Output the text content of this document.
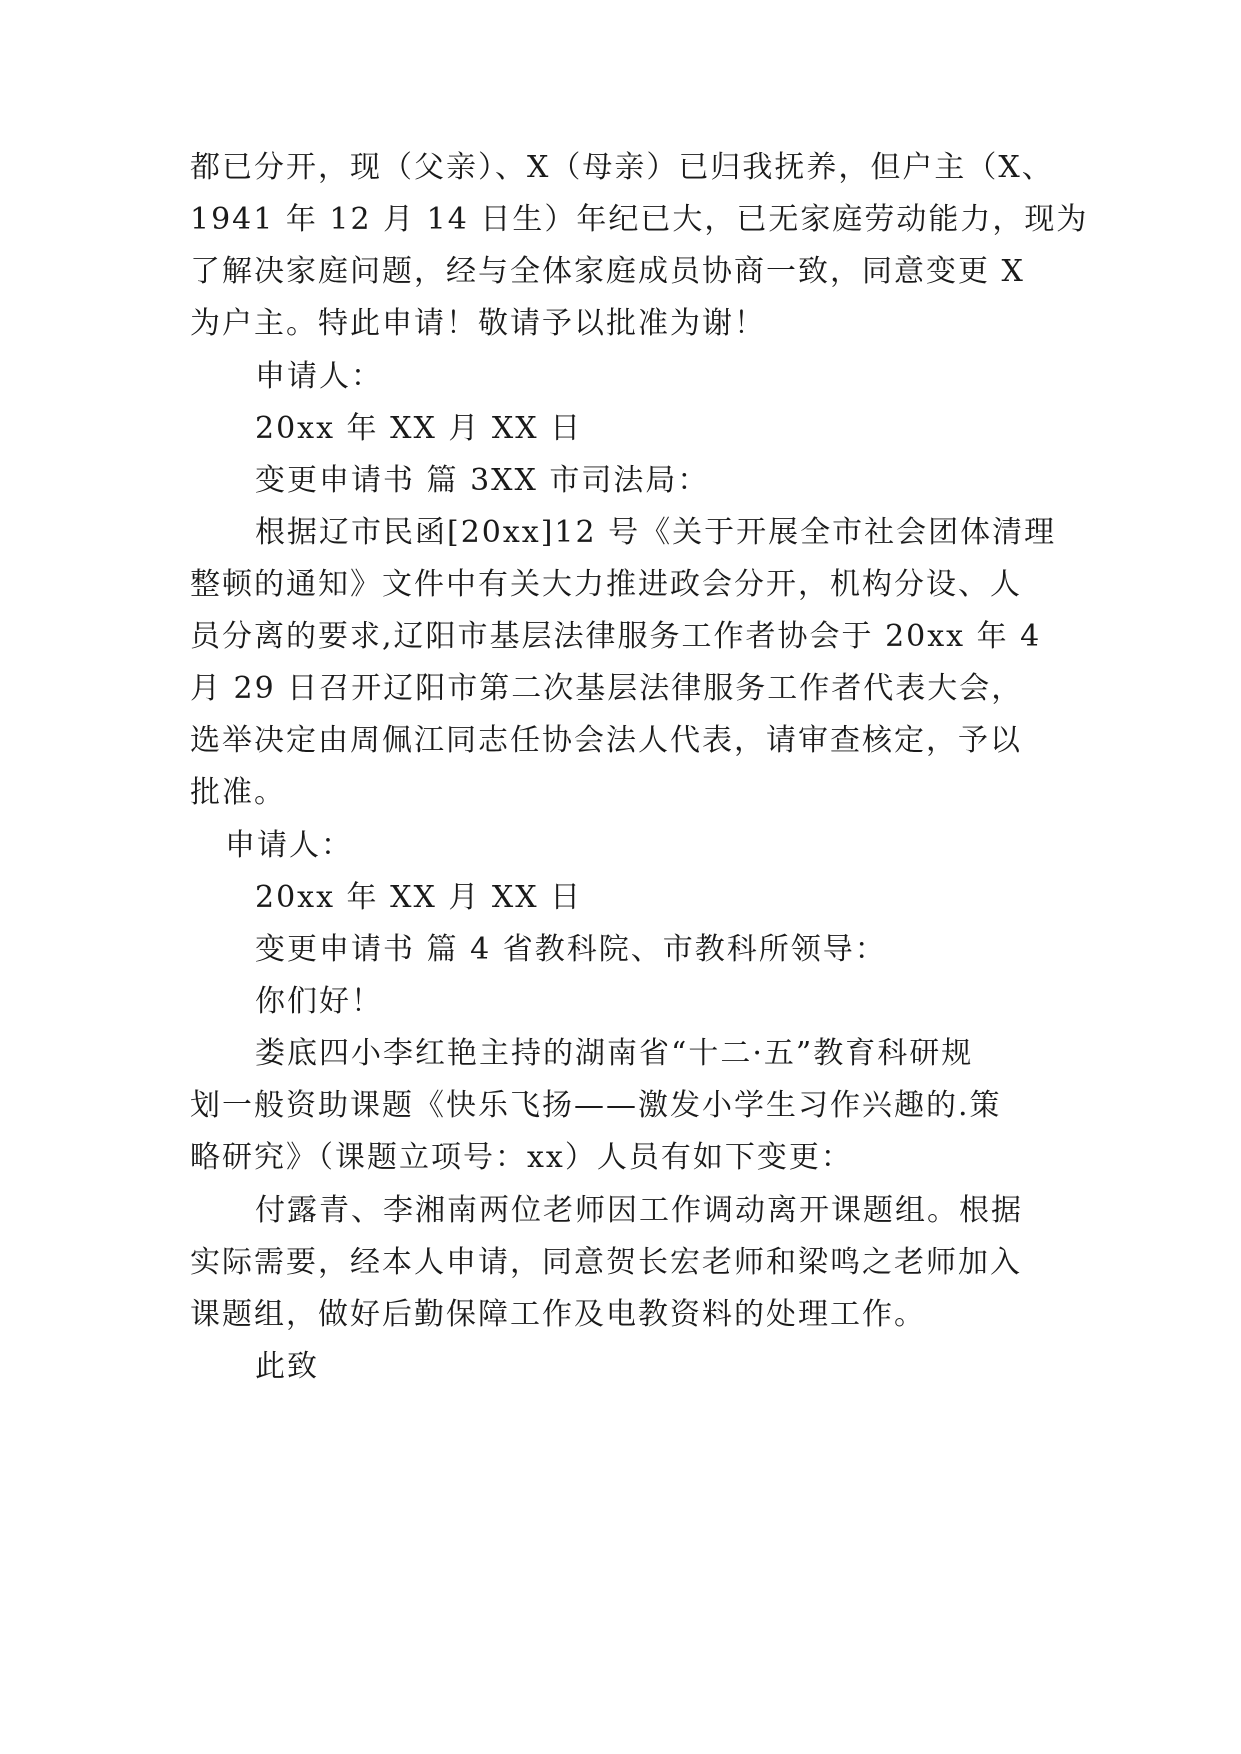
都已分开，现（父亲）、X（母亲）已归我抚养，但户主（X、
1941 年 12 月 14 日生）年纪已大，已无家庭劳动能力，现为
了解决家庭问题，经与全体家庭成员协商一致，同意变更 X
为户主。特此申请！敬请予以批准为谢！
申请人：
20xx 年 XX 月 XX 日
变更申请书 篇 3XX 市司法局：
根据辽市民函[20xx]12 号《关于开展全市社会团体清理
整顿的通知》文件中有关大力推进政会分开，机构分设、人
员分离的要求,辽阳市基层法律服务工作者协会于 20xx 年 4
月 29 日召开辽阳市第二次基层法律服务工作者代表大会，
选举决定由周佩江同志任协会法人代表，请审查核定，予以
批准。
申请人：
20xx 年 XX 月 XX 日
变更申请书 篇 4 省教科院、市教科所领导：
你们好！
娄底四小李红艳主持的湖南省“十二·五”教育科研规
划一般资助课题《快乐飞扬——激发小学生习作兴趣的.策
略研究》（课题立项号：xx）人员有如下变更：
付露青、李湘南两位老师因工作调动离开课题组。根据
实际需要，经本人申请，同意贺长宏老师和梁鸣之老师加入
课题组，做好后勤保障工作及电教资料的处理工作。
此致
